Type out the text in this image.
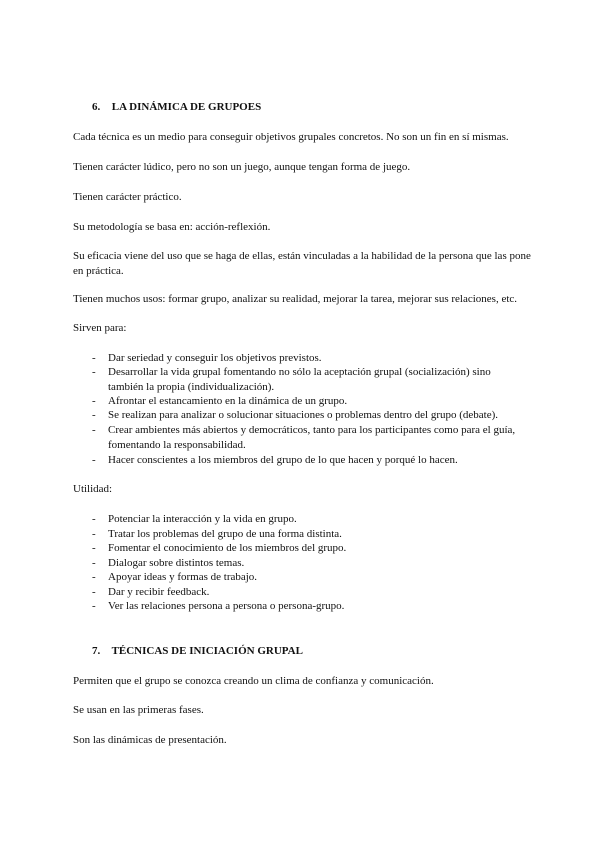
6. LA DINÁMICA DE GRUPOES
Cada técnica es un medio para conseguir objetivos grupales concretos. No son un fin en sí mismas.
Tienen carácter lúdico, pero no son un juego, aunque tengan forma de juego.
Tienen carácter práctico.
Su metodología se basa en: acción-reflexión.
Su eficacia viene del uso que se haga de ellas, están vinculadas a la habilidad de la persona que las pone en práctica.
Tienen muchos usos: formar grupo, analizar su realidad, mejorar la tarea, mejorar sus relaciones, etc.
Sirven para:
- Dar seriedad y conseguir los objetivos previstos.
- Desarrollar la vida grupal fomentando no sólo la aceptación grupal (socialización) sino también la propia (individualización).
- Afrontar el estancamiento en la dinámica de un grupo.
- Se realizan para analizar o solucionar situaciones o problemas dentro del grupo (debate).
- Crear ambientes más abiertos y democráticos, tanto para los participantes como para el guía, fomentando la responsabilidad.
- Hacer conscientes a los miembros del grupo de lo que hacen y porqué lo hacen.
Utilidad:
- Potenciar la interacción y la vida en grupo.
- Tratar los problemas del grupo de una forma distinta.
- Fomentar el conocimiento de los miembros del grupo.
- Dialogar sobre distintos temas.
- Apoyar ideas y formas de trabajo.
- Dar y recibir feedback.
- Ver las relaciones persona a persona o persona-grupo.
7. TÉCNICAS DE INICIACIÓN GRUPAL
Permiten que el grupo se conozca creando un clima de confianza y comunicación.
Se usan en las primeras fases.
Son las dinámicas de presentación.
